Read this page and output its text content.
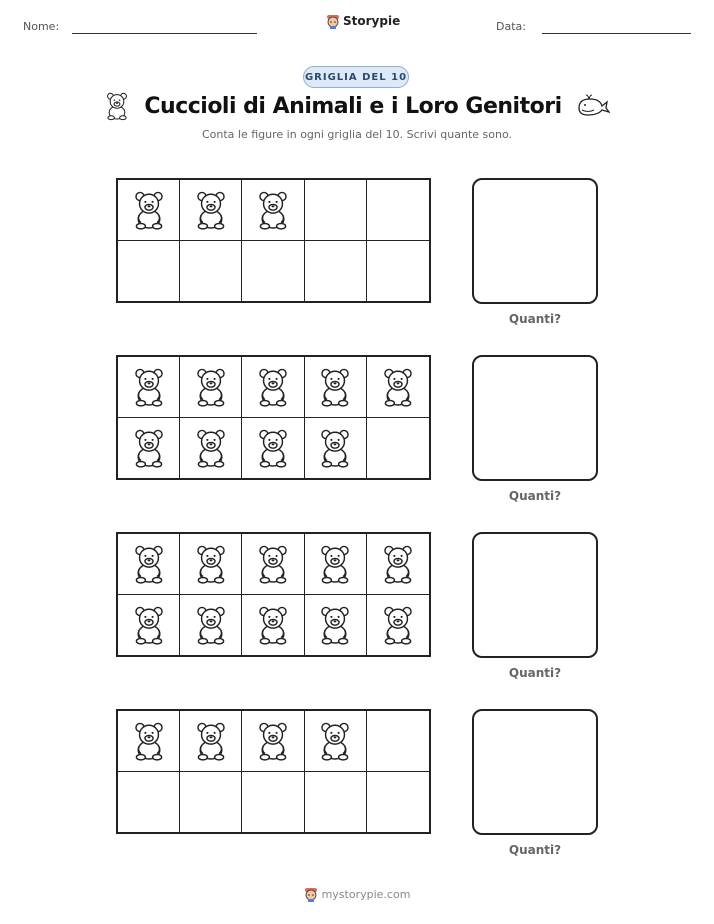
Nome:	Storypie	Data:
GRIGLIA DEL 10
Cuccioli di Animali e i Loro Genitori
Conta le figure in ogni griglia del 10. Scrivi quante sono.
Quanti?
Quanti?
Quanti?
Quanti?
mystorypie.com
